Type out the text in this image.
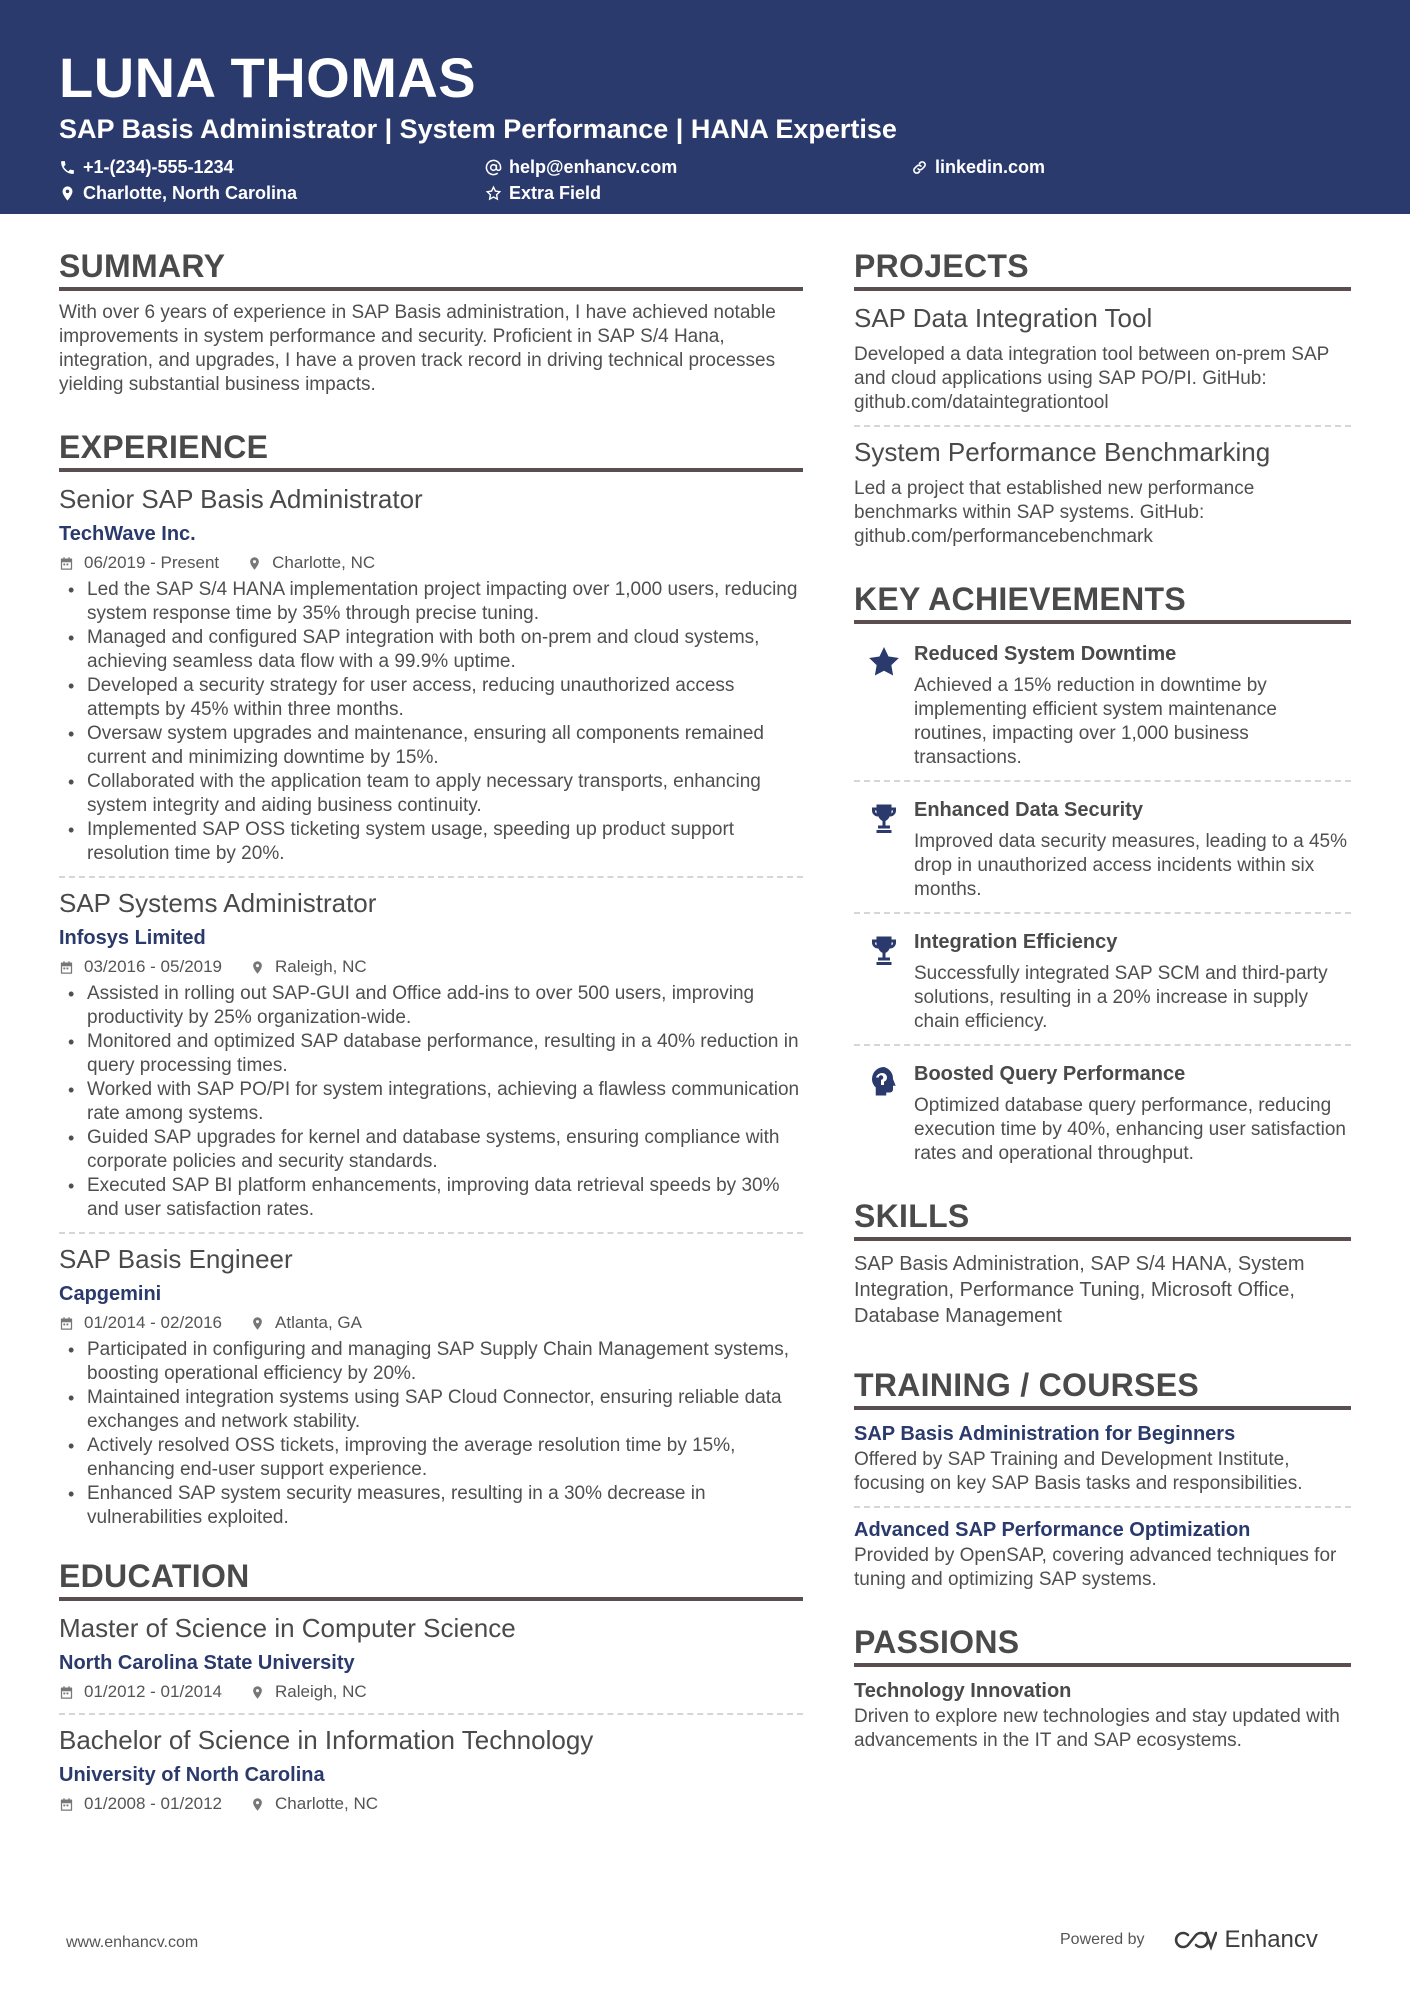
LUNA THOMAS
SAP Basis Administrator | System Performance | HANA Expertise
+1-(234)-555-1234	help@enhancv.com	linkedin.com
Charlotte, North Carolina	Extra Field
SUMMARY
With over 6 years of experience in SAP Basis administration, I have achieved notable improvements in system performance and security. Proficient in SAP S/4 Hana, integration, and upgrades, I have a proven track record in driving technical processes yielding substantial business impacts.
EXPERIENCE
Senior SAP Basis Administrator
TechWave Inc.
06/2019 - Present	Charlotte, NC
• Led the SAP S/4 HANA implementation project impacting over 1,000 users, reducing system response time by 35% through precise tuning.
• Managed and configured SAP integration with both on-prem and cloud systems, achieving seamless data flow with a 99.9% uptime.
• Developed a security strategy for user access, reducing unauthorized access attempts by 45% within three months.
• Oversaw system upgrades and maintenance, ensuring all components remained current and minimizing downtime by 15%.
• Collaborated with the application team to apply necessary transports, enhancing system integrity and aiding business continuity.
• Implemented SAP OSS ticketing system usage, speeding up product support resolution time by 20%.
SAP Systems Administrator
Infosys Limited
03/2016 - 05/2019	Raleigh, NC
• Assisted in rolling out SAP-GUI and Office add-ins to over 500 users, improving productivity by 25% organization-wide.
• Monitored and optimized SAP database performance, resulting in a 40% reduction in query processing times.
• Worked with SAP PO/PI for system integrations, achieving a flawless communication rate among systems.
• Guided SAP upgrades for kernel and database systems, ensuring compliance with corporate policies and security standards.
• Executed SAP BI platform enhancements, improving data retrieval speeds by 30% and user satisfaction rates.
SAP Basis Engineer
Capgemini
01/2014 - 02/2016	Atlanta, GA
• Participated in configuring and managing SAP Supply Chain Management systems, boosting operational efficiency by 20%.
• Maintained integration systems using SAP Cloud Connector, ensuring reliable data exchanges and network stability.
• Actively resolved OSS tickets, improving the average resolution time by 15%, enhancing end-user support experience.
• Enhanced SAP system security measures, resulting in a 30% decrease in vulnerabilities exploited.
EDUCATION
Master of Science in Computer Science
North Carolina State University
01/2012 - 01/2014	Raleigh, NC
Bachelor of Science in Information Technology
University of North Carolina
01/2008 - 01/2012	Charlotte, NC
PROJECTS
SAP Data Integration Tool
Developed a data integration tool between on-prem SAP and cloud applications using SAP PO/PI. GitHub: github.com/dataintegrationtool
System Performance Benchmarking
Led a project that established new performance benchmarks within SAP systems. GitHub: github.com/performancebenchmark
KEY ACHIEVEMENTS
Reduced System Downtime
Achieved a 15% reduction in downtime by implementing efficient system maintenance routines, impacting over 1,000 business transactions.
Enhanced Data Security
Improved data security measures, leading to a 45% drop in unauthorized access incidents within six months.
Integration Efficiency
Successfully integrated SAP SCM and third-party solutions, resulting in a 20% increase in supply chain efficiency.
Boosted Query Performance
Optimized database query performance, reducing execution time by 40%, enhancing user satisfaction rates and operational throughput.
SKILLS
SAP Basis Administration, SAP S/4 HANA, System Integration, Performance Tuning, Microsoft Office, Database Management
TRAINING / COURSES
SAP Basis Administration for Beginners
Offered by SAP Training and Development Institute, focusing on key SAP Basis tasks and responsibilities.
Advanced SAP Performance Optimization
Provided by OpenSAP, covering advanced techniques for tuning and optimizing SAP systems.
PASSIONS
Technology Innovation
Driven to explore new technologies and stay updated with advancements in the IT and SAP ecosystems.
www.enhancv.com	Powered by	Enhancv
